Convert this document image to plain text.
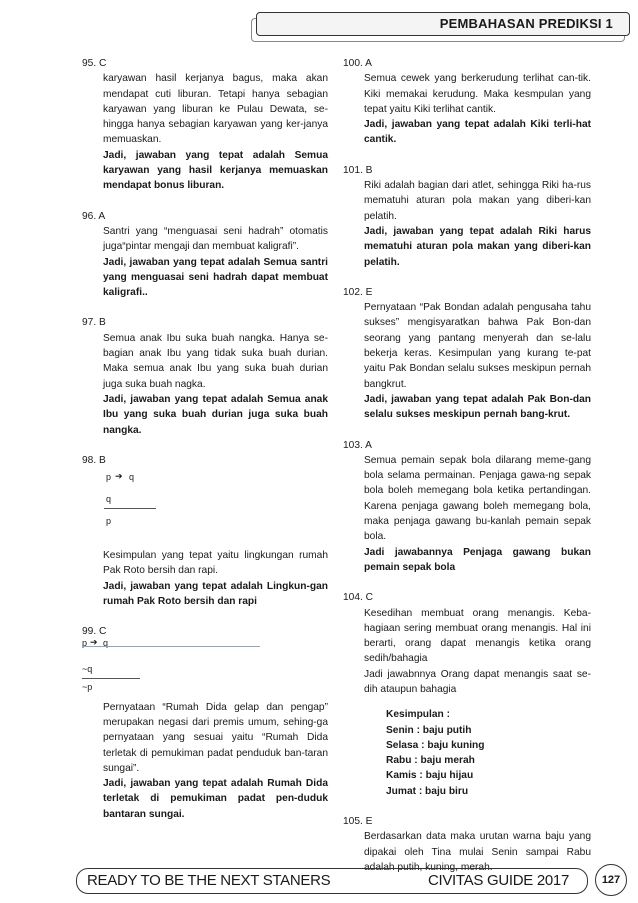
PEMBAHASAN PREDIKSI 1
95. C
karyawan hasil kerjanya bagus, maka akan mendapat cuti liburan. Tetapi hanya sebagian karyawan yang liburan ke Pulau Dewata, se-hingga hanya sebagian karyawan yang ker-janya memuaskan.
Jadi, jawaban yang tepat adalah Semua karyawan yang hasil kerjanya memuaskan mendapat bonus liburan.
96. A
Santri yang “menguasai seni hadrah” otomatis juga“pintar mengaji dan membuat kaligrafi”.
Jadi, jawaban yang tepat adalah Semua santri yang menguasai seni hadrah dapat membuat kaligrafi..
97. B
Semua anak Ibu suka buah nangka. Hanya se-bagian anak Ibu yang tidak suka buah durian. Maka semua anak Ibu yang suka buah durian juga suka buah nagka.
Jadi, jawaban yang tepat adalah Semua anak Ibu yang suka buah durian juga suka buah nangka.
98. B
p ➔ q
q
p
Kesimpulan yang tepat yaitu lingkungan rumah Pak Roto bersih dan rapi.
Jadi, jawaban yang tepat adalah Lingkun-gan rumah Pak Roto bersih dan rapi
99. C
p ➔ q
~q
~p
Pernyataan “Rumah Dida gelap dan pengap” merupakan negasi dari premis umum, sehing-ga pernyataan yang sesuai yaitu “Rumah Dida terletak di pemukiman padat penduduk ban-taran sungai”.
Jadi, jawaban yang tepat adalah Rumah Dida terletak di pemukiman padat pen-duduk bantaran sungai.
100. A
Semua cewek yang berkerudung terlihat can-tik. Kiki memakai kerudung. Maka kesmpulan yang tepat yaitu Kiki terlihat cantik.
Jadi, jawaban yang tepat adalah Kiki terli-hat cantik.
101. B
Riki adalah bagian dari atlet, sehingga Riki ha-rus mematuhi aturan pola makan yang diberi-kan pelatih.
Jadi, jawaban yang tepat adalah Riki harus mematuhi aturan pola makan yang diberi-kan pelatih.
102. E
Pernyataan “Pak Bondan adalah pengusaha tahu sukses” mengisyaratkan bahwa Pak Bon-dan seorang yang pantang menyerah dan se-lalu bekerja keras. Kesimpulan yang kurang te-pat yaitu Pak Bondan selalu sukses meskipun pernah bangkrut.
Jadi, jawaban yang tepat adalah Pak Bon-dan selalu sukses meskipun pernah bang-krut.
103. A
Semua pemain sepak bola dilarang meme-gang bola selama permainan. Penjaga gawa-ng sepak bola boleh memegang bola ketika pertandingan. Karena penjaga gawang boleh memegang bola, maka penjaga gawang bu-kanlah pemain sepak bola.
Jadi jawabannya Penjaga gawang bukan pemain sepak bola
104. C
Kesedihan membuat orang menangis. Keba-hagiaan sering membuat orang menangis. Hal ini berarti, orang dapat menangis ketika orang sedih/bahagia
Jadi jawabnnya Orang dapat menangis saat se-dih ataupun bahagia
Kesimpulan :
Senin : baju putih
Selasa : baju kuning
Rabu : baju merah
Kamis : baju hijau
Jumat : baju biru
105. E
Berdasarkan data maka urutan warna baju yang dipakai oleh Tina mulai Senin sampai Rabu adalah putih, kuning, merah.
READY TO BE THE NEXT STANERS	CIVITAS GUIDE 2017	127
